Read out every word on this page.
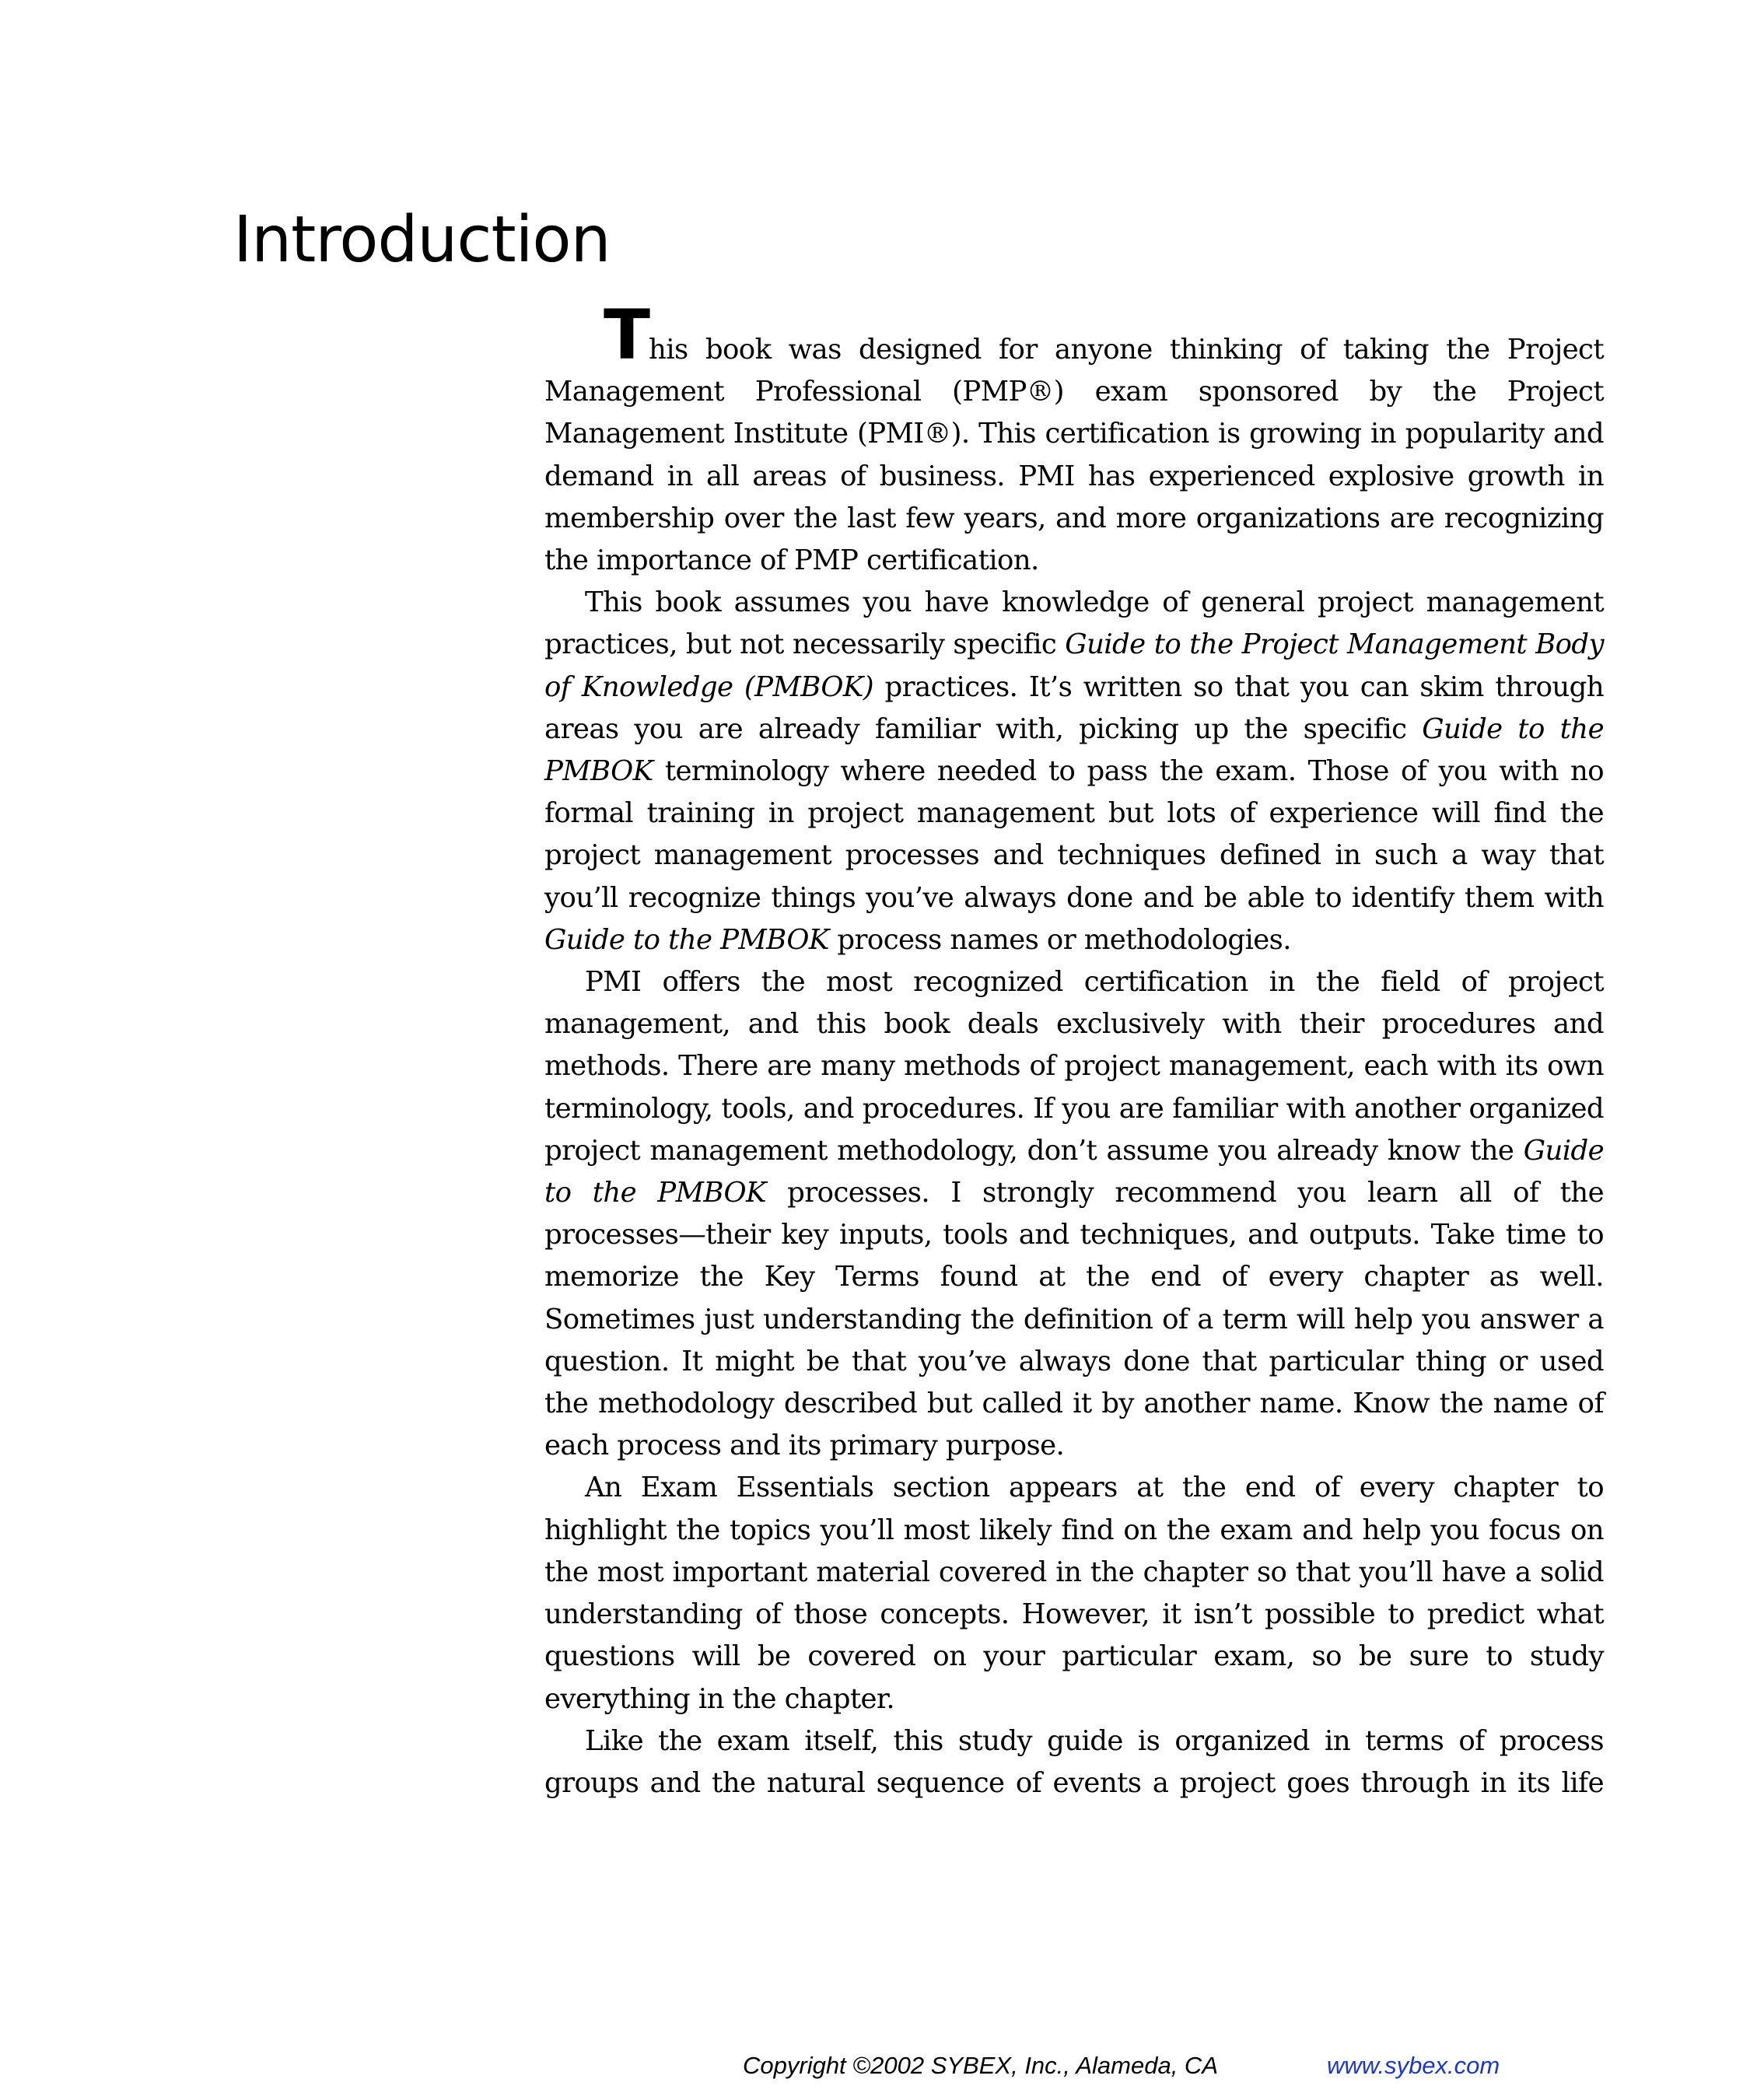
Introduction

This book was designed for anyone thinking of taking the Project Management Professional (PMP®) exam sponsored by the Project Management Institute (PMI®). This certification is growing in popularity and demand in all areas of business. PMI has experienced explosive growth in membership over the last few years, and more organizations are recognizing the importance of PMP certification.

This book assumes you have knowledge of general project management practices, but not necessarily specific Guide to the Project Management Body of Knowledge (PMBOK) practices. It’s written so that you can skim through areas you are already familiar with, picking up the specific Guide to the PMBOK terminology where needed to pass the exam. Those of you with no formal training in project management but lots of experience will find the project management processes and techniques defined in such a way that you’ll recognize things you’ve always done and be able to identify them with Guide to the PMBOK process names or methodologies.

PMI offers the most recognized certification in the field of project management, and this book deals exclusively with their procedures and methods. There are many methods of project management, each with its own terminology, tools, and procedures. If you are familiar with another organized project management methodology, don’t assume you already know the Guide to the PMBOK processes. I strongly recommend you learn all of the processes—their key inputs, tools and techniques, and outputs. Take time to memorize the Key Terms found at the end of every chapter as well. Sometimes just understanding the definition of a term will help you answer a question. It might be that you’ve always done that particular thing or used the methodology described but called it by another name. Know the name of each process and its primary purpose.

An Exam Essentials section appears at the end of every chapter to highlight the topics you’ll most likely find on the exam and help you focus on the most important material covered in the chapter so that you’ll have a solid understanding of those concepts. However, it isn’t possible to predict what questions will be covered on your particular exam, so be sure to study everything in the chapter.

Like the exam itself, this study guide is organized in terms of process groups and the natural sequence of events a project goes through in its life

Copyright ©2002 SYBEX, Inc., Alameda, CA	www.sybex.com
